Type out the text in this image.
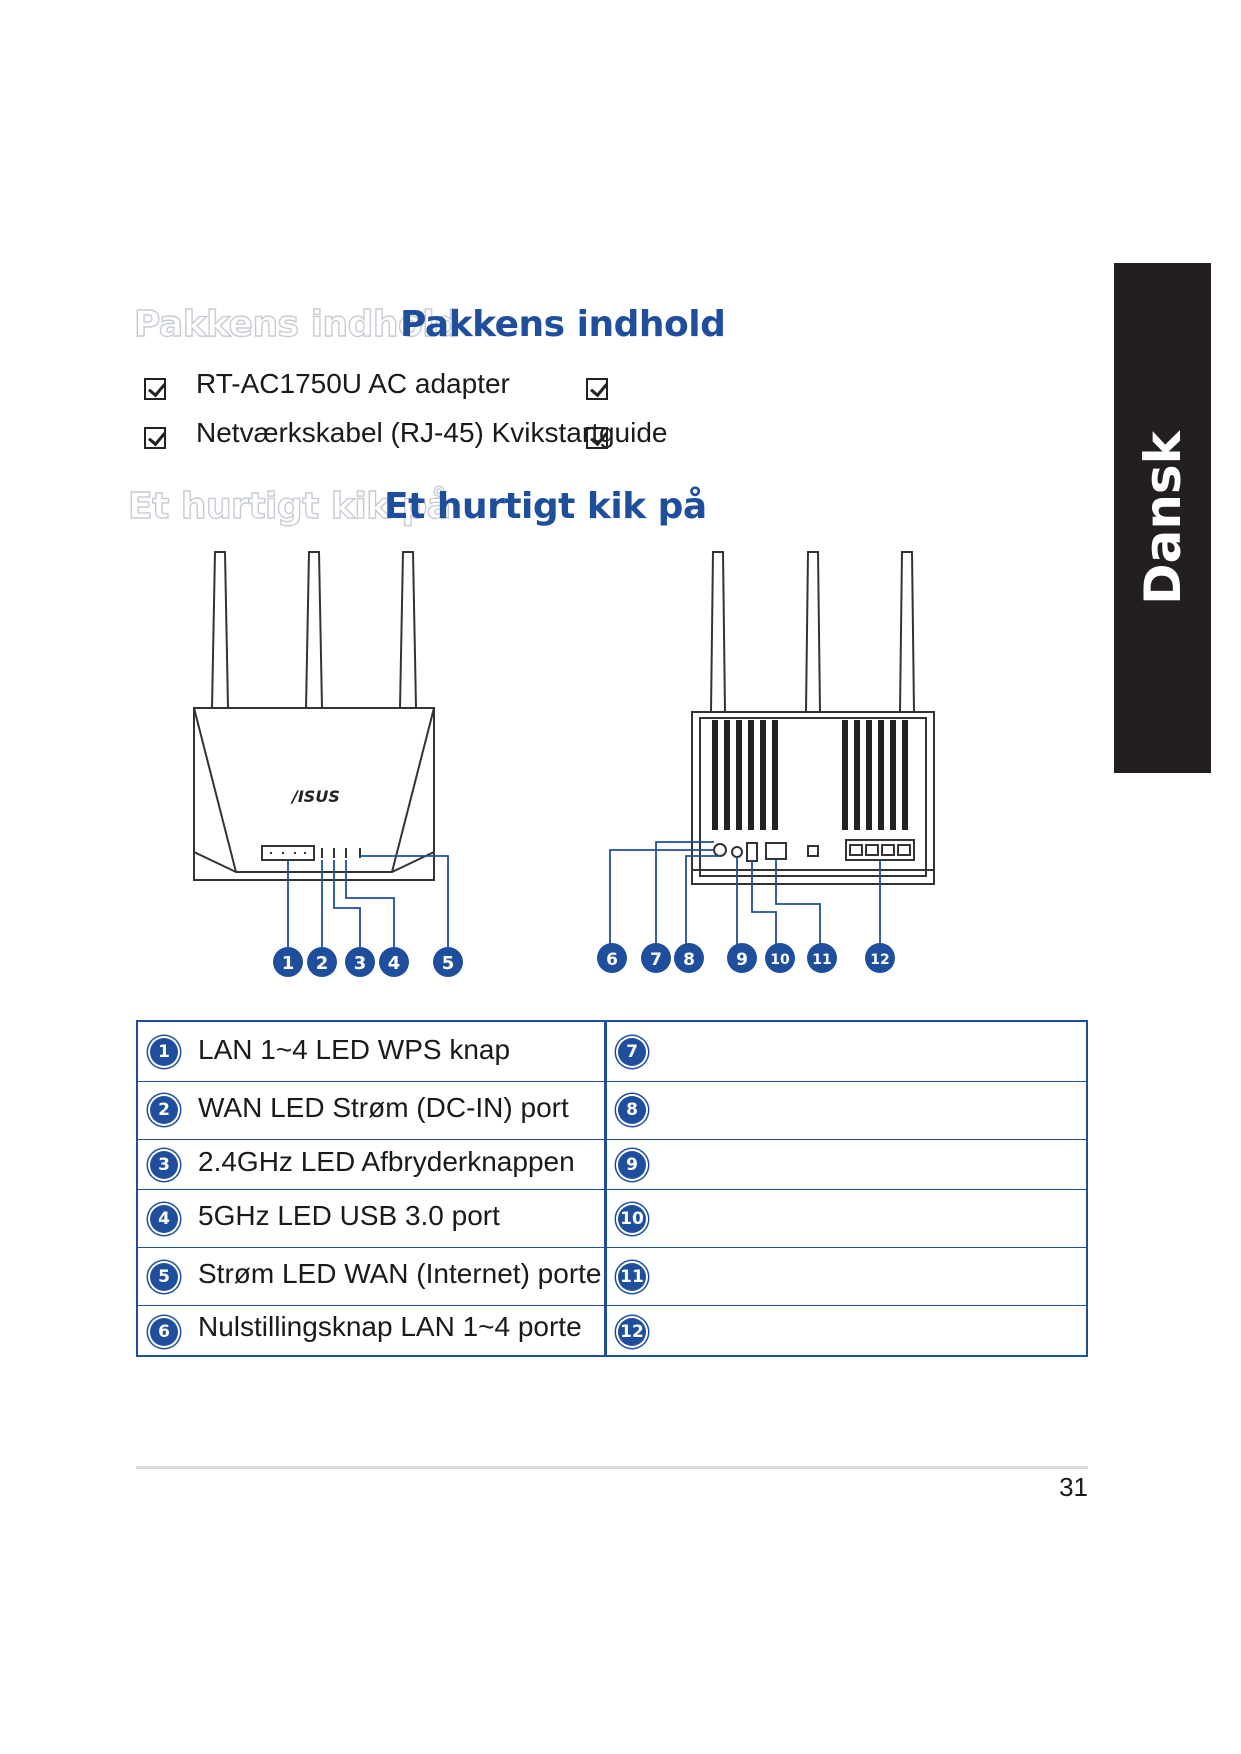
Dansk
Pakkens indhold
Pakkens indhold
RT-AC1750U AC adapter
Netværkskabel (RJ-45) Kvikstartguide
Et hurtigt kik på
Et hurtigt kik på
/ISUS
1 2 3 4 5	6 7 8 9 10 11	12
1	LAN 1~4 LED WPS knap	7
2	WAN LED Strøm (DC-IN) port	8
3	2.4GHz LED Afbryderknappen	9
4	5GHz LED USB 3.0 port	10
5	Strøm LED WAN (Internet) porte 11
6	Nulstillingsknap LAN 1~4 porte 12
31
